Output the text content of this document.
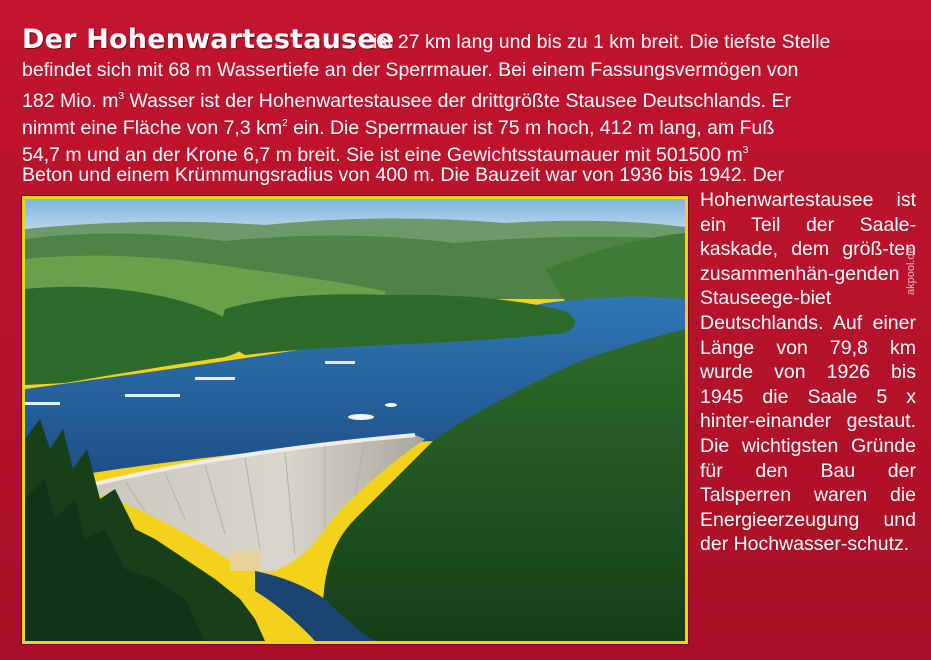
Der Hohenwartestausee
ist 27 km lang und bis zu 1 km breit. Die tiefste Stelle
befindet sich mit 68 m Wassertiefe an der Sperrmauer. Bei einem Fassungsvermögen von
182 Mio. $m^3$ Wasser ist der Hohenwartestausee der drittgrößte Stausee Deutschlands. Er
nimmt eine Fläche von 7,3 $km^2$ ein. Die Sperrmauer ist 75 m hoch, 412 m lang, am Fuß
54,7 m und an der Krone 6,7 m breit. Sie ist eine Gewichtsstaumauer mit 501500 $m^3$
Beton und einem Krümmungsradius von 400 m. Die Bauzeit war von 1936 bis 1942. Der
Hohenwartestausee ist ein Teil der Saale-kaskade, dem größ-ten zusammenhän-genden Stauseege-biet Deutschlands. Auf einer Länge von 79,8 km wurde von 1926 bis 1945 die Saale 5 x hinter-einander gestaut. Die wichtigsten Gründe für den Bau der Talsperren waren die Energieerzeugung und der Hochwasser-schutz.
akpool.de
